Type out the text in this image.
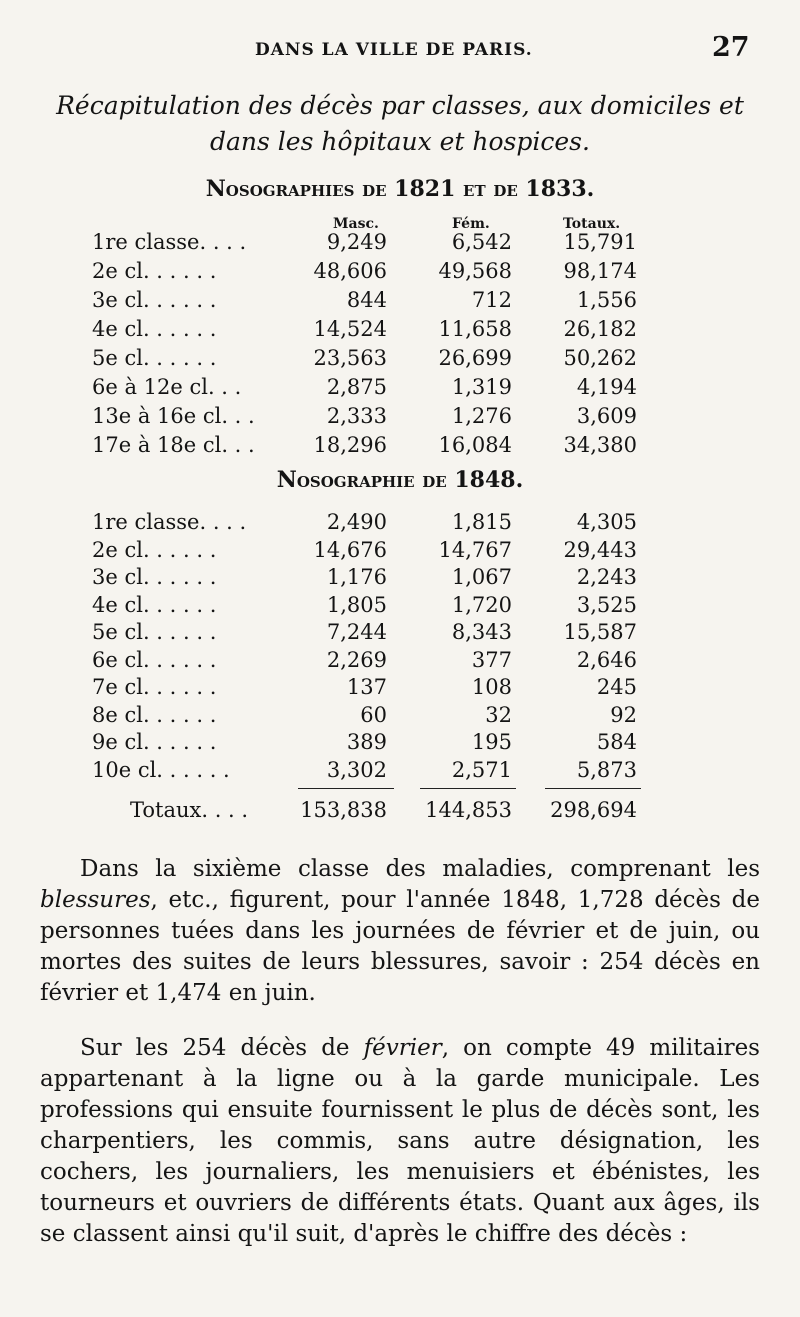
DANS LA VILLE DE PARIS.	27
Récapitulation des décès par classes, aux domiciles et dans les hôpitaux et hospices.
Nosographies de 1821 et de 1833.
Masc.	Fém.	Totaux.
1re classe. . . .	9,249	6,542	15,791
2e cl. . . . . .	48,606	49,568	98,174
3e cl. . . . . .	844	712	1,556
4e cl. . . . . .	14,524	11,658	26,182
5e cl. . . . . .	23,563	26,699	50,262
6e à 12e cl. . .	2,875	1,319	4,194
13e à 16e cl. . .	2,333	1,276	3,609
17e à 18e cl. . .	18,296	16,084	34,380
Nosographie de 1848.
1re classe. . . .	2,490	1,815	4,305
2e cl. . . . . .	14,676	14,767	29,443
3e cl. . . . . .	1,176	1,067	2,243
4e cl. . . . . .	1,805	1,720	3,525
5e cl. . . . . .	7,244	8,343	15,587
6e cl. . . . . .	2,269	377	2,646
7e cl. . . . . .	137	108	245
8e cl. . . . . .	60	32	92
9e cl. . . . . .	389	195	584
10e cl. . . . . .	3,302	2,571	5,873
Totaux. . . .	153,838	144,853	298,694

Dans la sixième classe des maladies, comprenant les blessures, etc., figurent, pour l'année 1848, 1,728 décès de personnes tuées dans les journées de février et de juin, ou mortes des suites de leurs blessures, savoir : 254 décès en février et 1,474 en juin.

Sur les 254 décès de février, on compte 49 militaires appartenant à la ligne ou à la garde municipale. Les professions qui ensuite fournissent le plus de décès sont, les charpentiers, les commis, sans autre désignation, les cochers, les journaliers, les menuisiers et ébénistes, les tourneurs et ouvriers de différents états. Quant aux âges, ils se classent ainsi qu'il suit, d'après le chiffre des décès :
